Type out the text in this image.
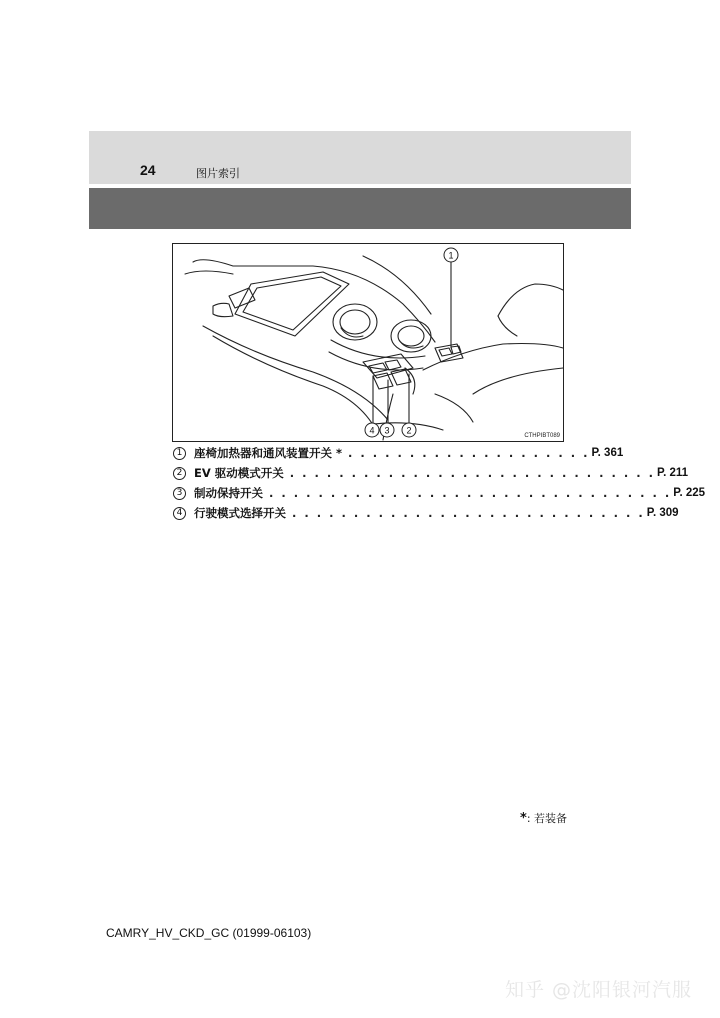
24	图片索引
1
2
3
4
CTHPIBT089
1	座椅加热器和通风装置开关 * . . . . . . . . . . . . . . . . . . . . P. 361
2	EV 驱动模式开关 . . . . . . . . . . . . . . . . . . . . . . . . . . . . . . P. 211
3	制动保持开关 . . . . . . . . . . . . . . . . . . . . . . . . . . . . . . . . . P. 225
4	行驶模式选择开关 . . . . . . . . . . . . . . . . . . . . . . . . . . . . . P. 309
*: 若装备
CAMRY_HV_CKD_GC (01999-06103)
知乎 @沈阳银河汽服
